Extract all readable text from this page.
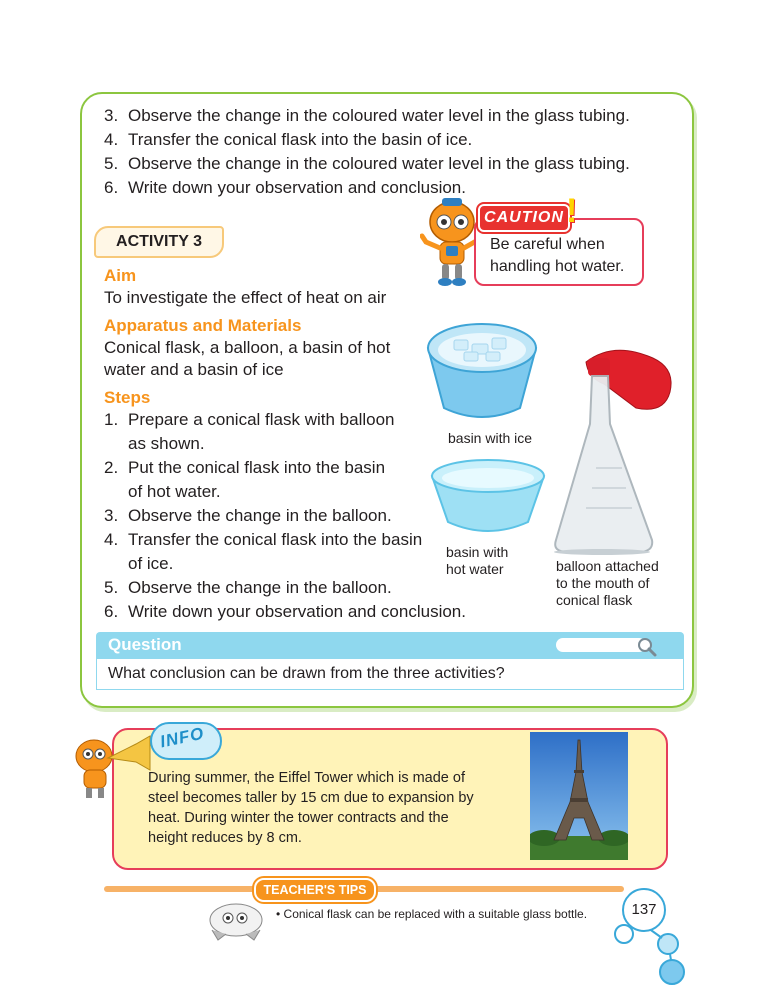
3. Observe the change in the coloured water level in the glass tubing.
4. Transfer the conical flask into the basin of ice.
5. Observe the change in the coloured water level in the glass tubing.
6. Write down your observation and conclusion.
ACTIVITY 3
Aim
To investigate the effect of heat on air
Apparatus and Materials
Conical flask, a balloon, a basin of hot
water and a basin of ice
Steps
1. Prepare a conical flask with balloon
as shown.
2. Put the conical flask into the basin
of hot water.
3. Observe the change in the balloon.
4. Transfer the conical flask into the basin
of ice.
5. Observe the change in the balloon.
6. Write down your observation and conclusion.
CAUTION !
Be careful when
handling hot water.
basin with ice
basin with
hot water	balloon attached
to the mouth of
conical flask
Question
What conclusion can be drawn from the three activities?
INFO
During summer, the Eiffel Tower which is made of
steel becomes taller by 15 cm due to expansion by
heat. During winter the tower contracts and the
height reduces by 8 cm.
TEACHER'S TIPS
• Conical flask can be replaced with a suitable glass bottle.	137
